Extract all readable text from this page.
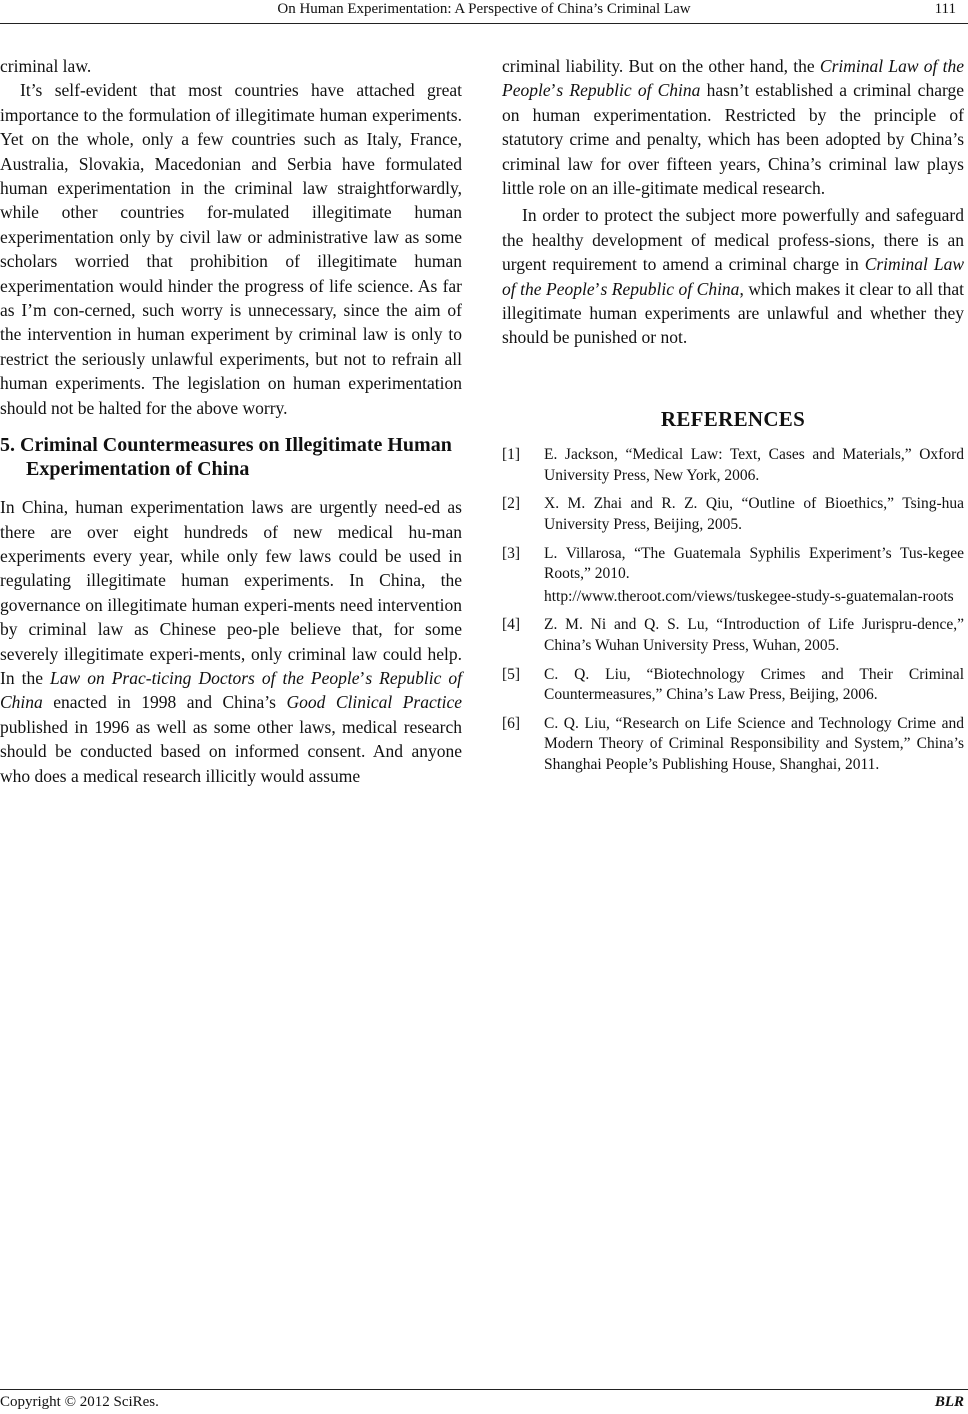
On Human Experimentation: A Perspective of China’s Criminal Law	111

criminal law.

It’s self-evident that most countries have attached great importance to the formulation of illegitimate human experiments. Yet on the whole, only a few countries such as Italy, France, Australia, Slovakia, Macedonian and Serbia have formulated human experimentation in the criminal law straightforwardly, while other countries for-mulated illegitimate human experimentation only by civil law or administrative law as some scholars worried that prohibition of illegitimate human experimentation would hinder the progress of life science. As far as I’m con-cerned, such worry is unnecessary, since the aim of the intervention in human experiment by criminal law is only to restrict the seriously unlawful experiments, but not to refrain all human experiments. The legislation on human experimentation should not be halted for the above worry.

5. Criminal Countermeasures on Illegitimate Human Experimentation of China

In China, human experimentation laws are urgently need-ed as there are over eight hundreds of new medical hu-man experiments every year, while only few laws could be used in regulating illegitimate human experiments. In China, the governance on illegitimate human experi-ments need intervention by criminal law as Chinese peo-ple believe that, for some severely illegitimate experi-ments, only criminal law could help. In the Law on Prac-ticing Doctors of the People’s Republic of China enacted in 1998 and China’s Good Clinical Practice published in 1996 as well as some other laws, medical research should be conducted based on informed consent. And anyone who does a medical research illicitly would assume

criminal liability. But on the other hand, the Criminal Law of the People’s Republic of China hasn’t established a criminal charge on human experimentation. Restricted by the principle of statutory crime and penalty, which has been adopted by China’s criminal law for over fifteen years, China’s criminal law plays little role on an ille-gitimate medical research.

In order to protect the subject more powerfully and safeguard the healthy development of medical profess-sions, there is an urgent requirement to amend a criminal charge in Criminal Law of the People’s Republic of China, which makes it clear to all that illegitimate human experiments are unlawful and whether they should be punished or not.

REFERENCES

[1] E. Jackson, “Medical Law: Text, Cases and Materials,” Oxford University Press, New York, 2006.

[2] X. M. Zhai and R. Z. Qiu, “Outline of Bioethics,” Tsing-hua University Press, Beijing, 2005.

[3] L. Villarosa, “The Guatemala Syphilis Experiment’s Tus-kegee Roots,” 2010.
http://www.theroot.com/views/tuskegee-study-s-guatemalan-roots

[4] Z. M. Ni and Q. S. Lu, “Introduction of Life Jurispru-dence,” China’s Wuhan University Press, Wuhan, 2005.

[5] C. Q. Liu, “Biotechnology Crimes and Their Criminal Countermeasures,” China’s Law Press, Beijing, 2006.

[6] C. Q. Liu, “Research on Life Science and Technology Crime and Modern Theory of Criminal Responsibility and System,” China’s Shanghai People’s Publishing House, Shanghai, 2011.

Copyright © 2012 SciRes.	BLR
